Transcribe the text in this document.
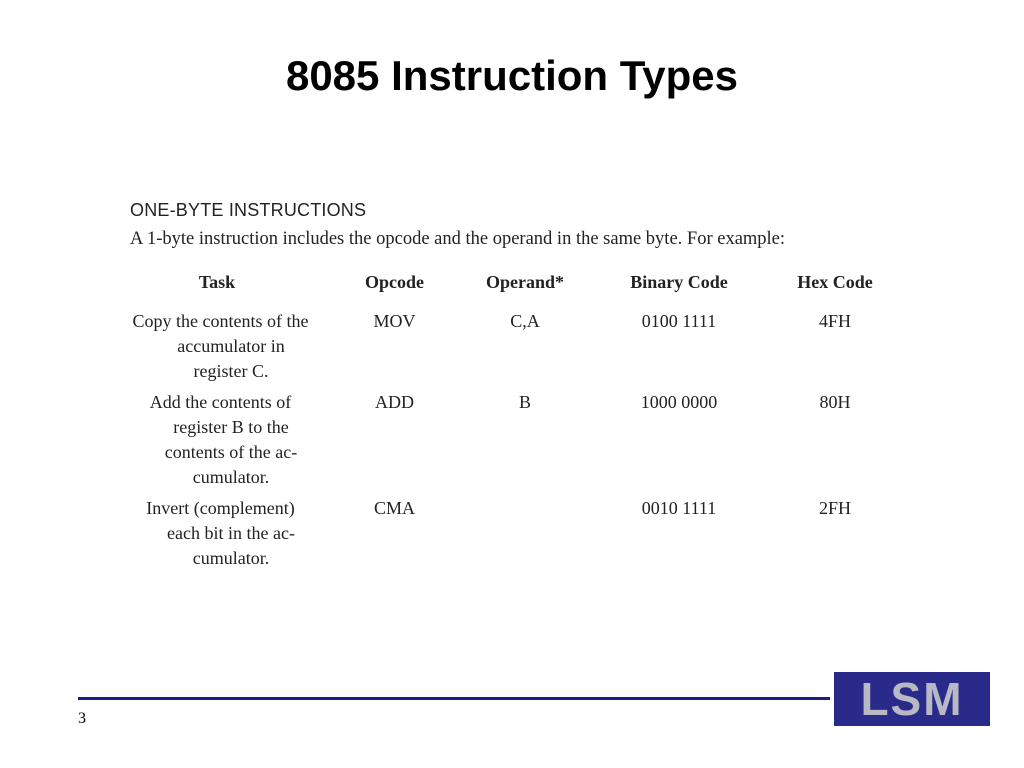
8085 Instruction Types
ONE-BYTE INSTRUCTIONS
A 1-byte instruction includes the opcode and the operand in the same byte. For example:
Task	Opcode	Operand*	Binary Code	Hex Code
Copy the contents of the accumulator in register C.	MOV	C,A	0100 1111	4FH
Add the contents of register B to the contents of the ac-cumulator.	ADD	B	1000 0000	80H
Invert (complement) each bit in the ac-cumulator.	CMA		0010 1111	2FH
3	LSM
